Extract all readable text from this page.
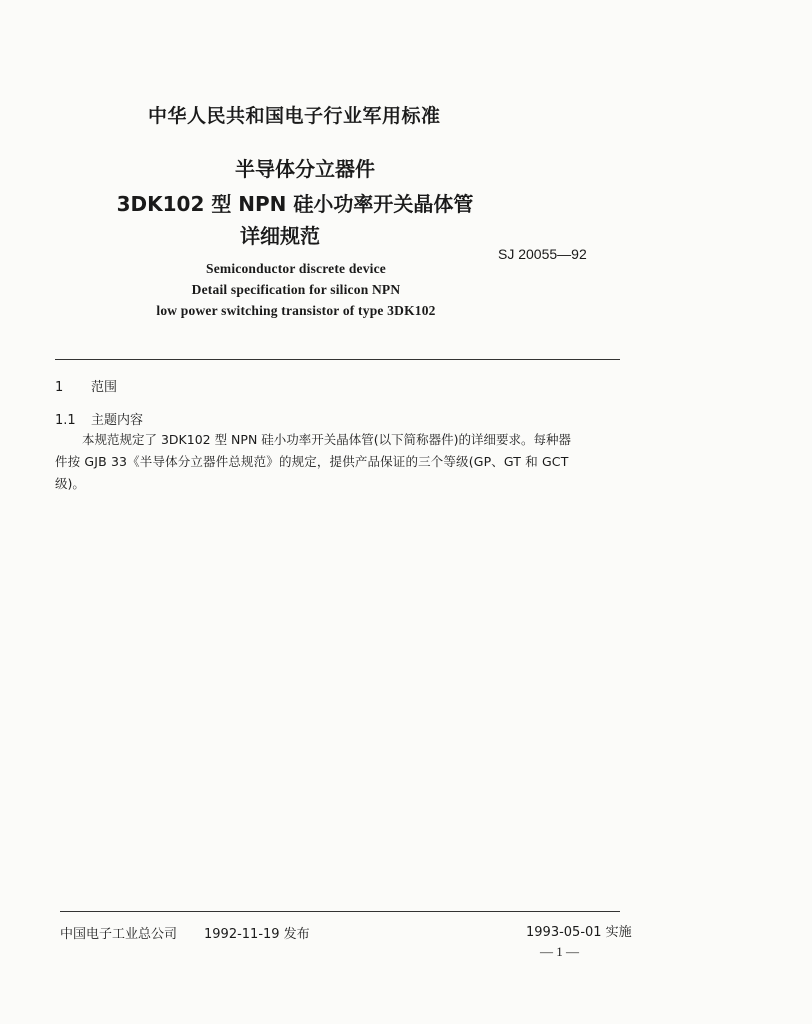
中华人民共和国电子行业军用标准
半导体分立器件
3DK102 型 NPN 硅小功率开关晶体管
详细规范
SJ 20055—92
Semiconductor discrete device
Detail specification for silicon NPN
low power switching transistor of type 3DK102
1 范围
1.1 主题内容
本规范规定了 3DK102 型 NPN 硅小功率开关晶体管(以下简称器件)的详细要求。每种器
件按 GJB 33《半导体分立器件总规范》的规定，提供产品保证的三个等级(GP、GT 和 GCT
级)。
中国电子工业总公司 1992-11-19 发布	1993-05-01 实施
— 1 —
